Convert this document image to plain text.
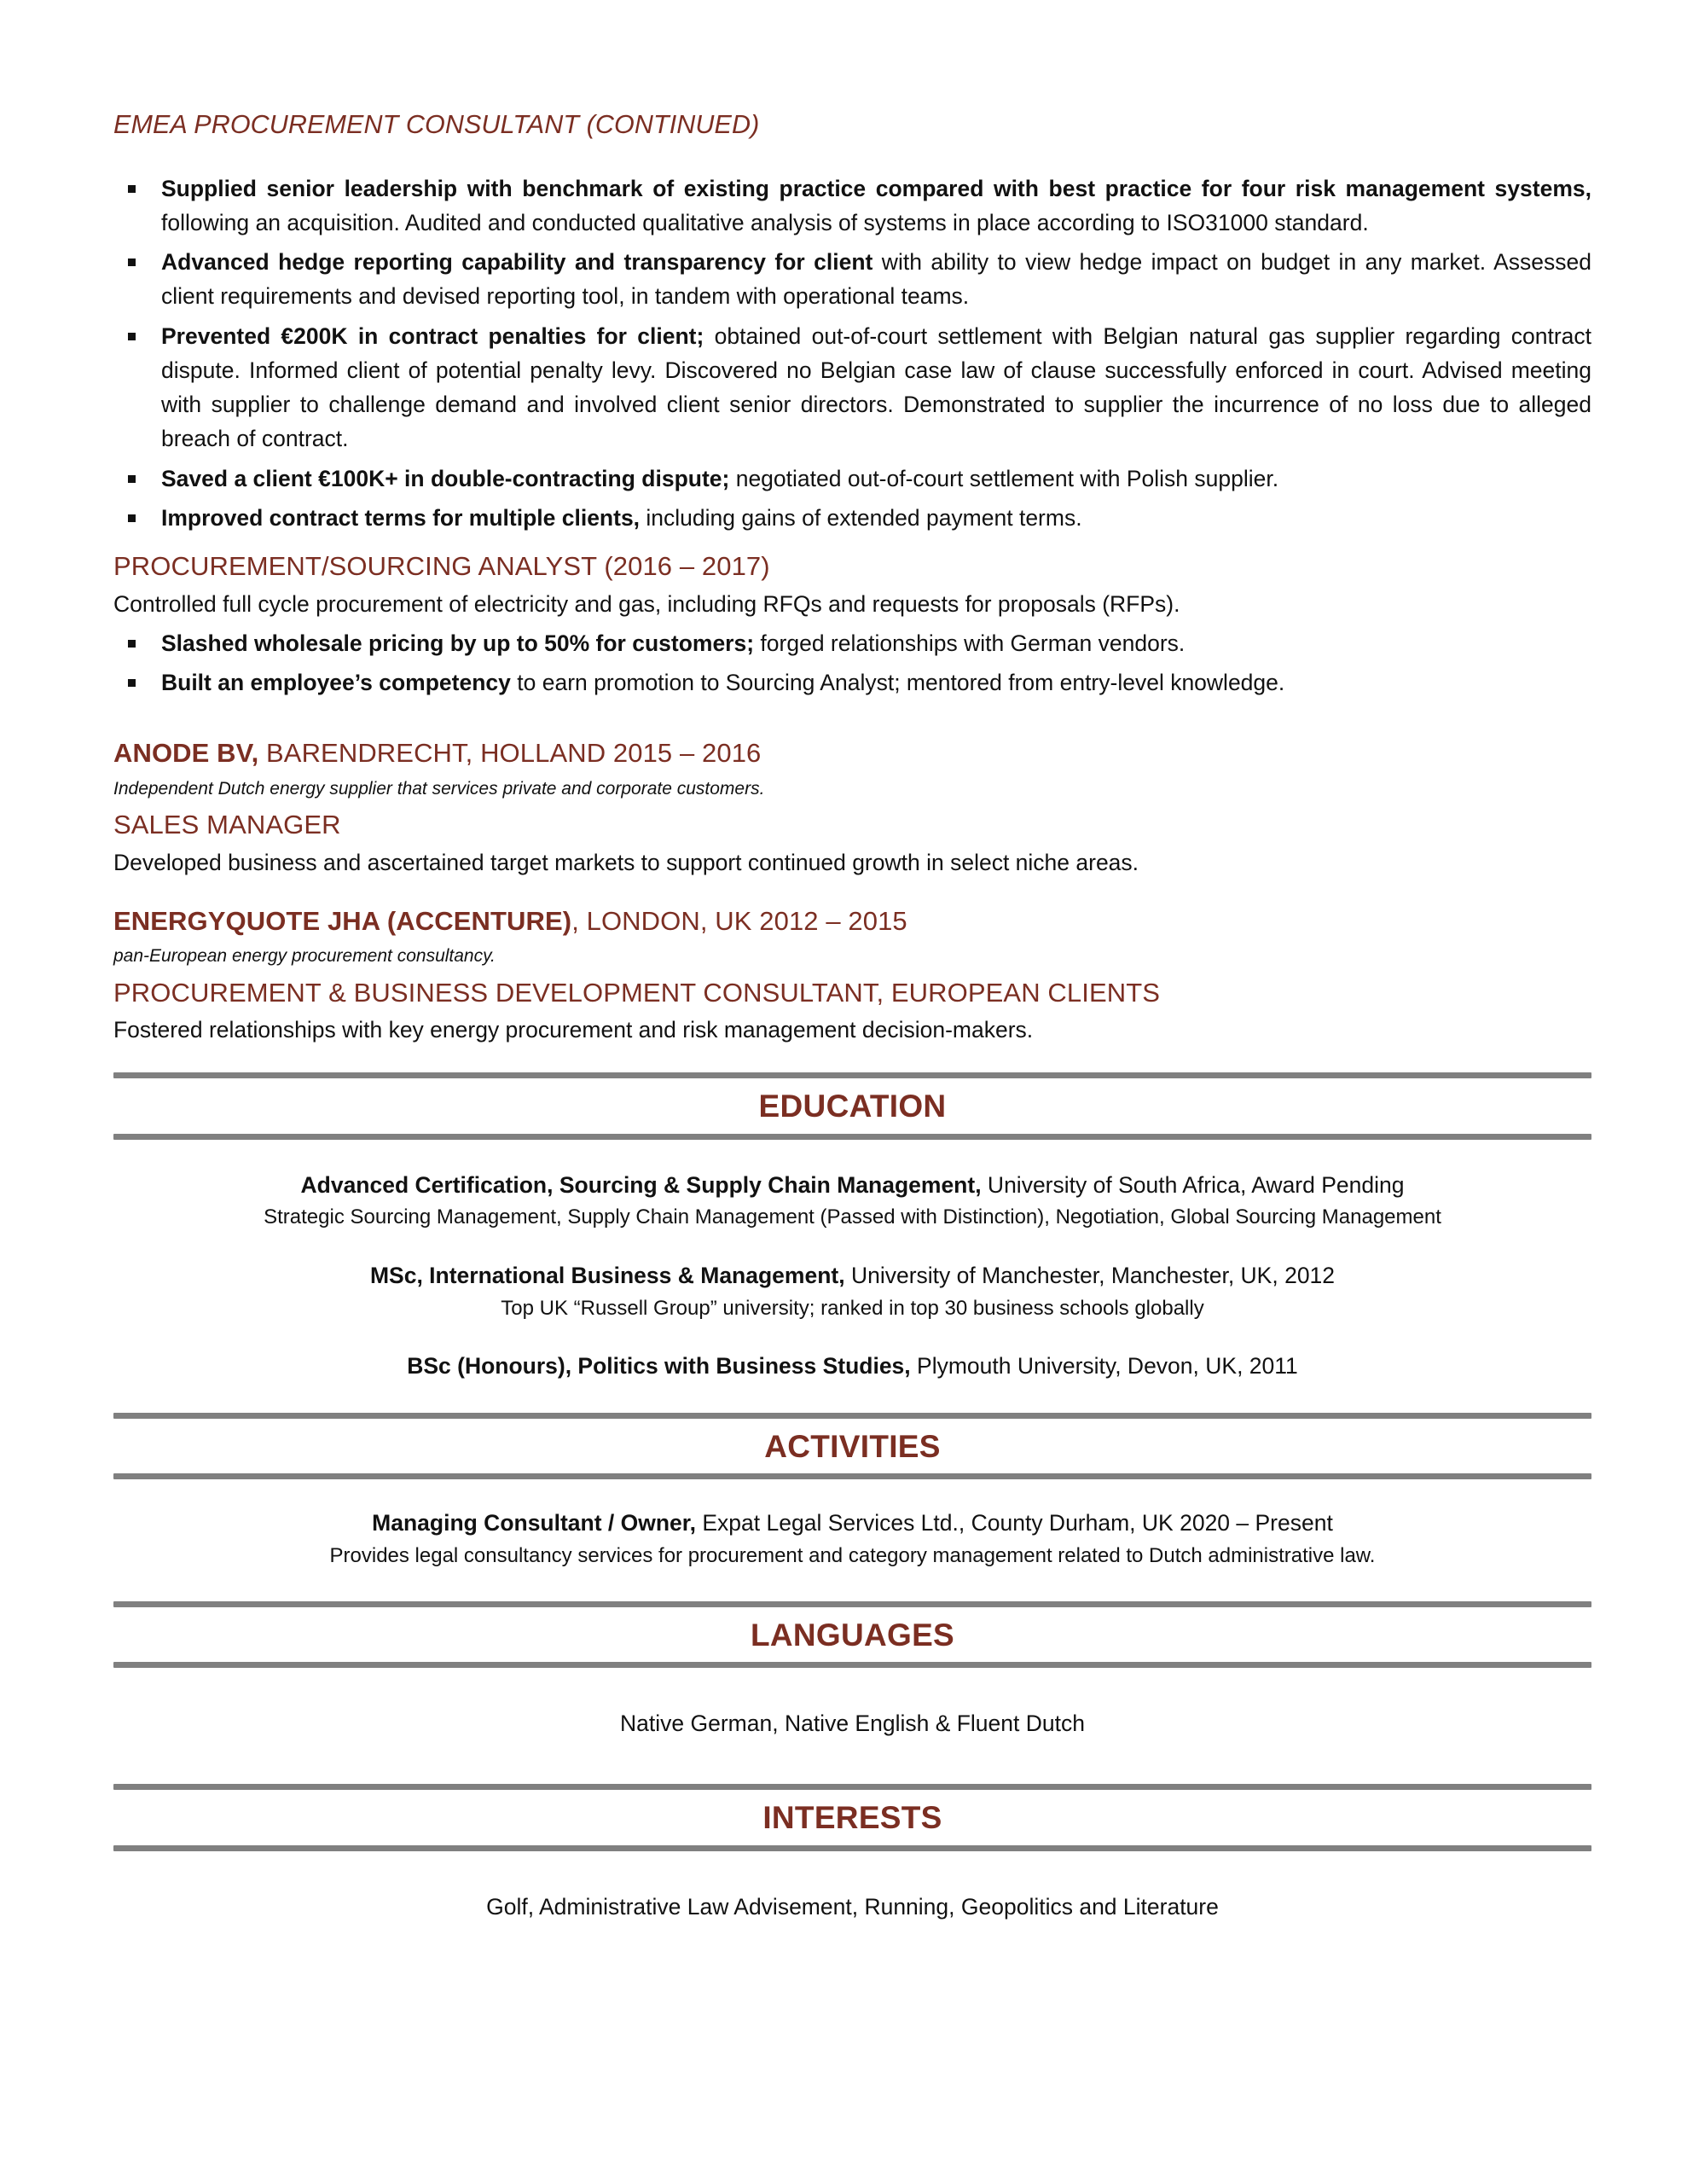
EMEA PROCUREMENT CONSULTANT (CONTINUED)
Supplied senior leadership with benchmark of existing practice compared with best practice for four risk management systems, following an acquisition. Audited and conducted qualitative analysis of systems in place according to ISO31000 standard.
Advanced hedge reporting capability and transparency for client with ability to view hedge impact on budget in any market. Assessed client requirements and devised reporting tool, in tandem with operational teams.
Prevented €200K in contract penalties for client; obtained out-of-court settlement with Belgian natural gas supplier regarding contract dispute. Informed client of potential penalty levy. Discovered no Belgian case law of clause successfully enforced in court. Advised meeting with supplier to challenge demand and involved client senior directors. Demonstrated to supplier the incurrence of no loss due to alleged breach of contract.
Saved a client €100K+ in double-contracting dispute; negotiated out-of-court settlement with Polish supplier.
Improved contract terms for multiple clients, including gains of extended payment terms.
PROCUREMENT/SOURCING ANALYST (2016 – 2017)

Controlled full cycle procurement of electricity and gas, including RFQs and requests for proposals (RFPs).

Slashed wholesale pricing by up to 50% for customers; forged relationships with German vendors.
Built an employee’s competency to earn promotion to Sourcing Analyst; mentored from entry-level knowledge.
ANODE BV, BARENDRECHT, HOLLAND 2015 – 2016
Independent Dutch energy supplier that services private and corporate customers.
SALES MANAGER

Developed business and ascertained target markets to support continued growth in select niche areas.

ENERGYQUOTE JHA (ACCENTURE), LONDON, UK 2012 – 2015
pan-European energy procurement consultancy.
PROCUREMENT & BUSINESS DEVELOPMENT CONSULTANT, EUROPEAN CLIENTS

Fostered relationships with key energy procurement and risk management decision-makers.

EDUCATION

Advanced Certification, Sourcing & Supply Chain Management, University of South Africa, Award Pending

Strategic Sourcing Management, Supply Chain Management (Passed with Distinction), Negotiation, Global Sourcing Management

MSc, International Business & Management, University of Manchester, Manchester, UK, 2012

Top UK “Russell Group” university; ranked in top 30 business schools globally

BSc (Honours), Politics with Business Studies, Plymouth University, Devon, UK, 2011

ACTIVITIES

Managing Consultant / Owner, Expat Legal Services Ltd., County Durham, UK 2020 – Present

Provides legal consultancy services for procurement and category management related to Dutch administrative law.

LANGUAGES

Native German, Native English & Fluent Dutch

INTERESTS

Golf, Administrative Law Advisement, Running, Geopolitics and Literature
